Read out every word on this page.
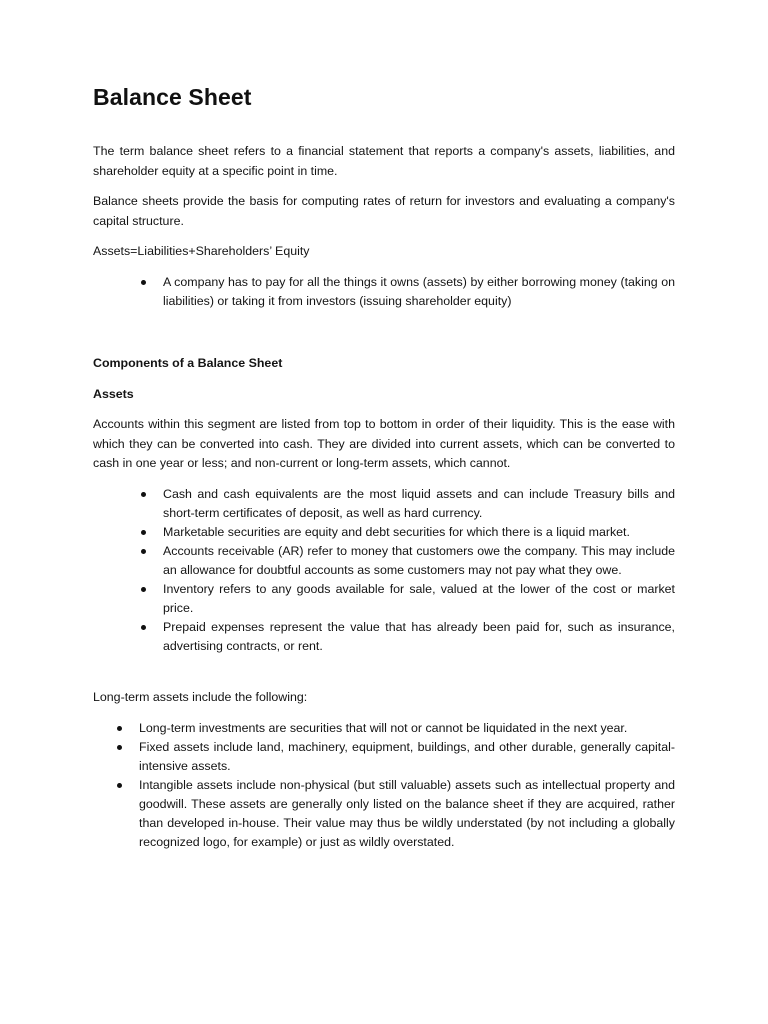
Balance Sheet

The term balance sheet refers to a financial statement that reports a company's assets, liabilities, and shareholder equity at a specific point in time.

Balance sheets provide the basis for computing rates of return for investors and evaluating a company's capital structure.

Assets=Liabilities+Shareholders’ Equity

A company has to pay for all the things it owns (assets) by either borrowing money (taking on liabilities) or taking it from investors (issuing shareholder equity)

Components of a Balance Sheet

Assets

Accounts within this segment are listed from top to bottom in order of their liquidity. This is the ease with which they can be converted into cash. They are divided into current assets, which can be converted to cash in one year or less; and non-current or long-term assets, which cannot.

Cash and cash equivalents are the most liquid assets and can include Treasury bills and short-term certificates of deposit, as well as hard currency.
Marketable securities are equity and debt securities for which there is a liquid market.
Accounts receivable (AR) refer to money that customers owe the company. This may include an allowance for doubtful accounts as some customers may not pay what they owe.
Inventory refers to any goods available for sale, valued at the lower of the cost or market price.
Prepaid expenses represent the value that has already been paid for, such as insurance, advertising contracts, or rent.

Long-term assets include the following:

Long-term investments are securities that will not or cannot be liquidated in the next year.
Fixed assets include land, machinery, equipment, buildings, and other durable, generally capital-intensive assets.
Intangible assets include non-physical (but still valuable) assets such as intellectual property and goodwill. These assets are generally only listed on the balance sheet if they are acquired, rather than developed in-house. Their value may thus be wildly understated (by not including a globally recognized logo, for example) or just as wildly overstated.
